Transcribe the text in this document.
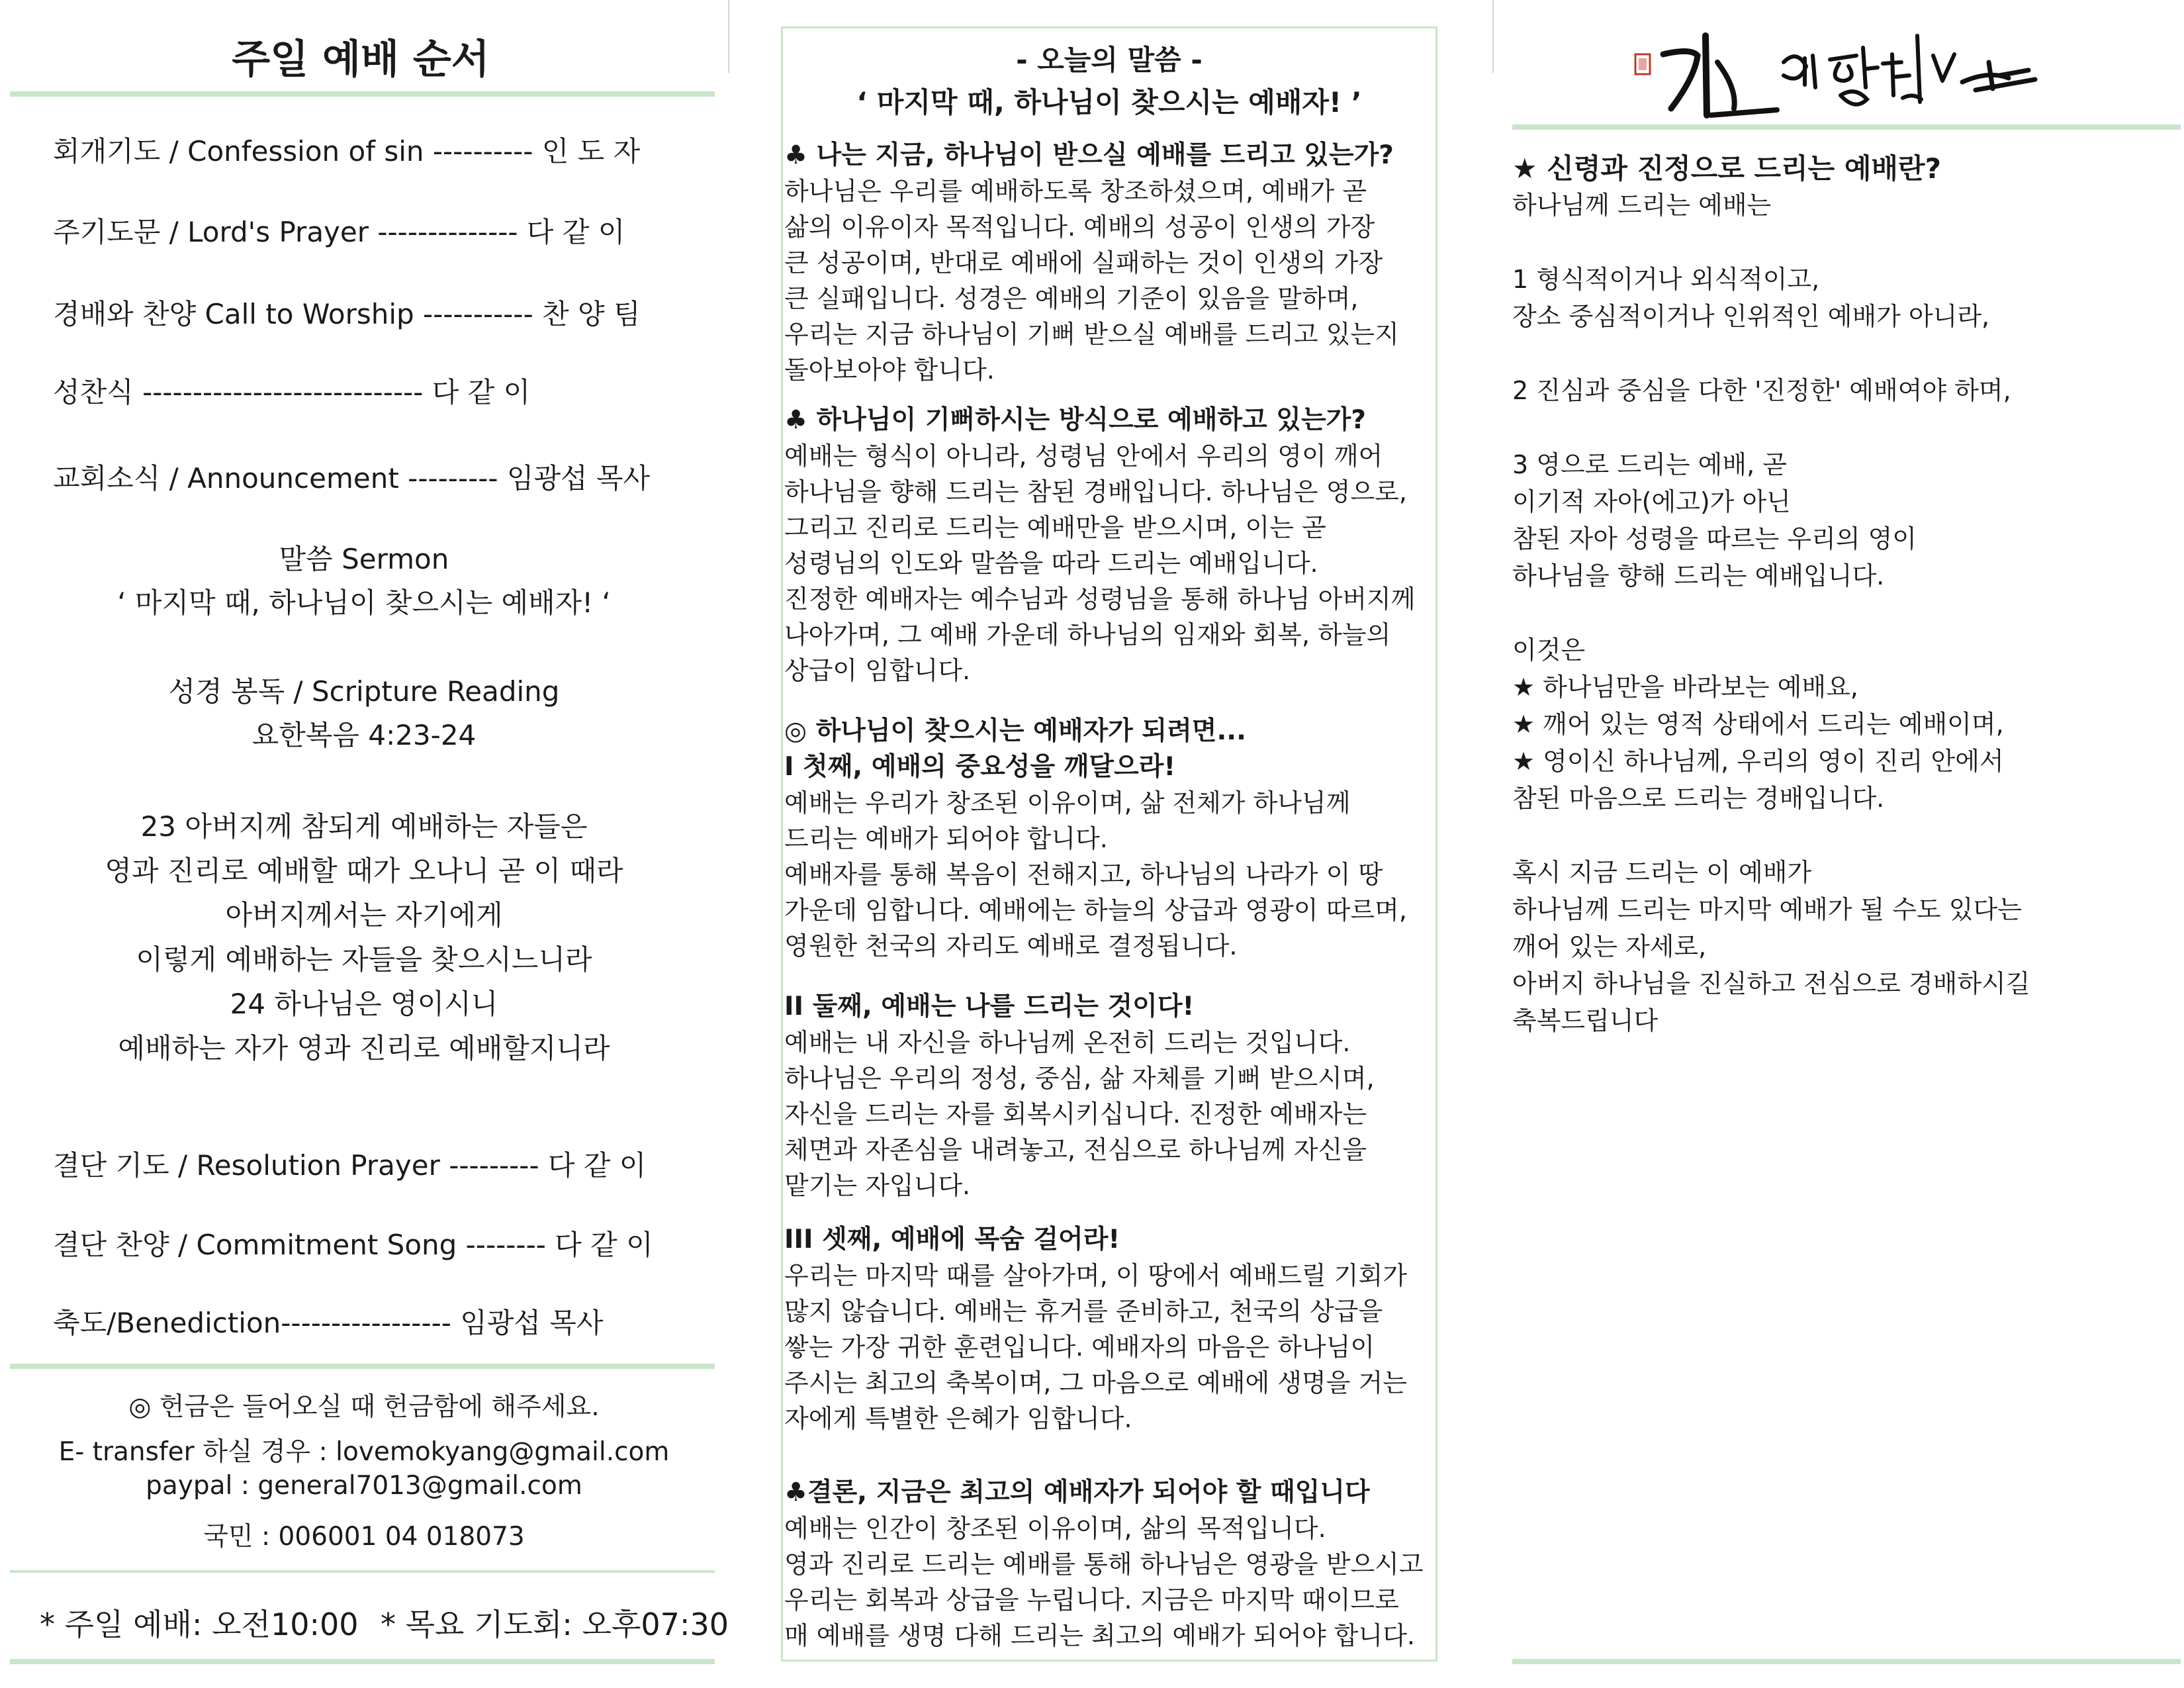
주일 예배 순서
회개기도 / Confession of sin ---------- 인 도 자
주기도문 / Lord's Prayer -------------- 다 같 이
경배와 찬양 Call to Worship ----------- 찬 양 팀
성찬식 ---------------------------- 다 같 이
교회소식 / Announcement --------- 임광섭 목사
말씀 Sermon
‘ 마지막 때, 하나님이 찾으시는 예배자! ‘
성경 봉독 / Scripture Reading
요한복음 4:23-24
23 아버지께 참되게 예배하는 자들은
영과 진리로 예배할 때가 오나니 곧 이 때라
아버지께서는 자기에게
이렇게 예배하는 자들을 찾으시느니라
24 하나님은 영이시니
예배하는 자가 영과 진리로 예배할지니라
결단 기도 / Resolution Prayer --------- 다 같 이
결단 찬양 / Commitment Song -------- 다 같 이
축도/Benediction----------------- 임광섭 목사
◎ 헌금은 들어오실 때 헌금함에 해주세요.
E- transfer 하실 경우 : lovemokyang@gmail.com
paypal : general7013@gmail.com
국민 : 006001 04 018073
* 주일 예배: 오전10:00 * 목요 기도회: 오후07:30
- 오늘의 말씀 -
‘ 마지막 때, 하나님이 찾으시는 예배자! ’
♣ 나는 지금, 하나님이 받으실 예배를 드리고 있는가?
하나님은 우리를 예배하도록 창조하셨으며, 예배가 곧
삶의 이유이자 목적입니다. 예배의 성공이 인생의 가장
큰 성공이며, 반대로 예배에 실패하는 것이 인생의 가장
큰 실패입니다. 성경은 예배의 기준이 있음을 말하며,
우리는 지금 하나님이 기뻐 받으실 예배를 드리고 있는지
돌아보아야 합니다.
♣ 하나님이 기뻐하시는 방식으로 예배하고 있는가?
예배는 형식이 아니라, 성령님 안에서 우리의 영이 깨어
하나님을 향해 드리는 참된 경배입니다. 하나님은 영으로,
그리고 진리로 드리는 예배만을 받으시며, 이는 곧
성령님의 인도와 말씀을 따라 드리는 예배입니다.
진정한 예배자는 예수님과 성령님을 통해 하나님 아버지께
나아가며, 그 예배 가운데 하나님의 임재와 회복, 하늘의
상급이 임합니다.
◎ 하나님이 찾으시는 예배자가 되려면...
I 첫째, 예배의 중요성을 깨달으라!
예배는 우리가 창조된 이유이며, 삶 전체가 하나님께
드리는 예배가 되어야 합니다.
예배자를 통해 복음이 전해지고, 하나님의 나라가 이 땅
가운데 임합니다. 예배에는 하늘의 상급과 영광이 따르며,
영원한 천국의 자리도 예배로 결정됩니다.
II 둘째, 예배는 나를 드리는 것이다!
예배는 내 자신을 하나님께 온전히 드리는 것입니다.
하나님은 우리의 정성, 중심, 삶 자체를 기뻐 받으시며,
자신을 드리는 자를 회복시키십니다. 진정한 예배자는
체면과 자존심을 내려놓고, 전심으로 하나님께 자신을
맡기는 자입니다.
III 셋째, 예배에 목숨 걸어라!
우리는 마지막 때를 살아가며, 이 땅에서 예배드릴 기회가
많지 않습니다. 예배는 휴거를 준비하고, 천국의 상급을
쌓는 가장 귀한 훈련입니다. 예배자의 마음은 하나님이
주시는 최고의 축복이며, 그 마음으로 예배에 생명을 거는
자에게 특별한 은혜가 임합니다.
♣결론, 지금은 최고의 예배자가 되어야 할 때입니다
예배는 인간이 창조된 이유이며, 삶의 목적입니다.
영과 진리로 드리는 예배를 통해 하나님은 영광을 받으시고
우리는 회복과 상급을 누립니다. 지금은 마지막 때이므로
매 예배를 생명 다해 드리는 최고의 예배가 되어야 합니다.
★ 신령과 진정으로 드리는 예배란?
하나님께 드리는 예배는
1 형식적이거나 외식적이고,
장소 중심적이거나 인위적인 예배가 아니라,
2 진심과 중심을 다한 '진정한' 예배여야 하며,
3 영으로 드리는 예배, 곧
이기적 자아(에고)가 아닌
참된 자아 성령을 따르는 우리의 영이
하나님을 향해 드리는 예배입니다.
이것은
★ 하나님만을 바라보는 예배요,
★ 깨어 있는 영적 상태에서 드리는 예배이며,
★ 영이신 하나님께, 우리의 영이 진리 안에서
참된 마음으로 드리는 경배입니다.
혹시 지금 드리는 이 예배가
하나님께 드리는 마지막 예배가 될 수도 있다는
깨어 있는 자세로,
아버지 하나님을 진실하고 전심으로 경배하시길
축복드립니다
